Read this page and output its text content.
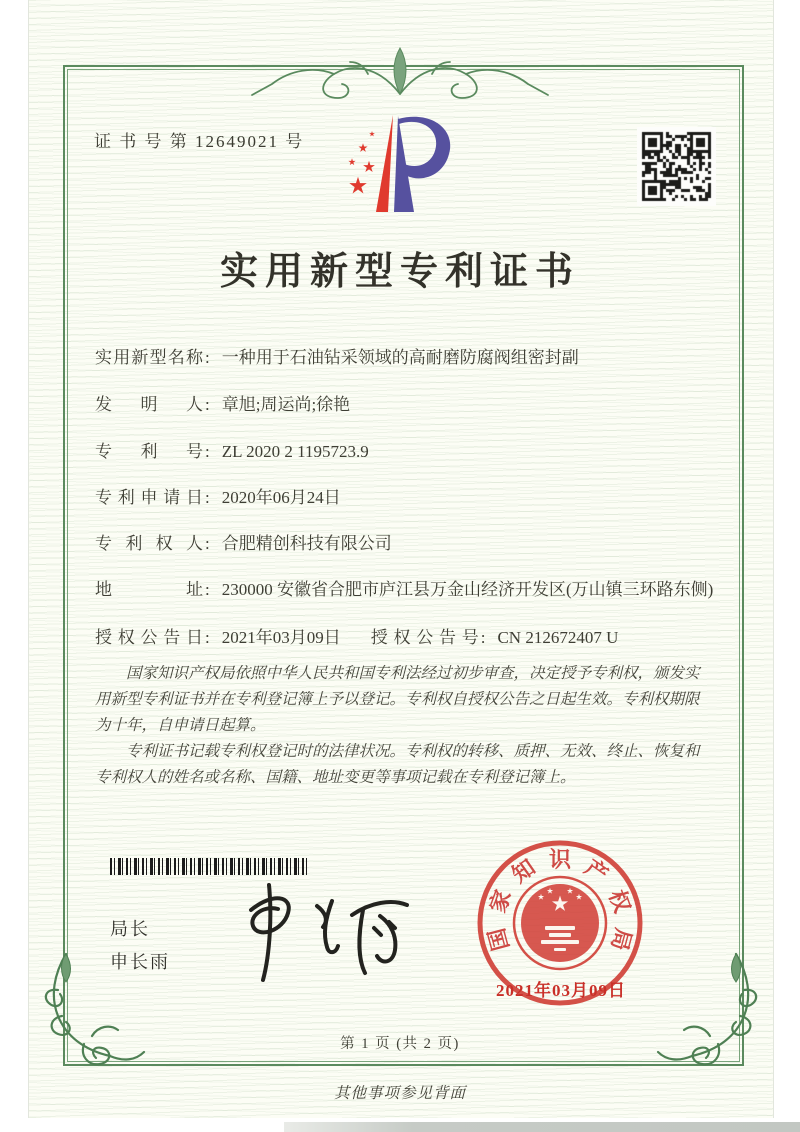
证 书 号 第 12649021 号
实用新型专利证书
实用新型名称 : 一种用于石油钻采领域的高耐磨防腐阀组密封副
发明人 : 章旭;周运尚;徐艳
专利号 : ZL 2020 2 1195723.9
专利申请日 : 2020年06月24日
专利权人 : 合肥精创科技有限公司
地址 : 230000 安徽省合肥市庐江县万金山经济开发区(万山镇三环路东侧)
授权公告日 : 2021年03月09日 授权公告号 : CN 212672407 U

国家知识产权局依照中华人民共和国专利法经过初步审查，决定授予专利权，颁发实用新型专利证书并在专利登记簿上予以登记。专利权自授权公告之日起生效。专利权期限为十年，自申请日起算。

专利证书记载专利权登记时的法律状况。专利权的转移、质押、无效、终止、恢复和专利权人的姓名或名称、国籍、地址变更等事项记载在专利登记簿上。

局长
申长雨
国
家
知 识 产
权
局
2021年03月09日
第 1 页 (共 2 页)
其他事项参见背面
